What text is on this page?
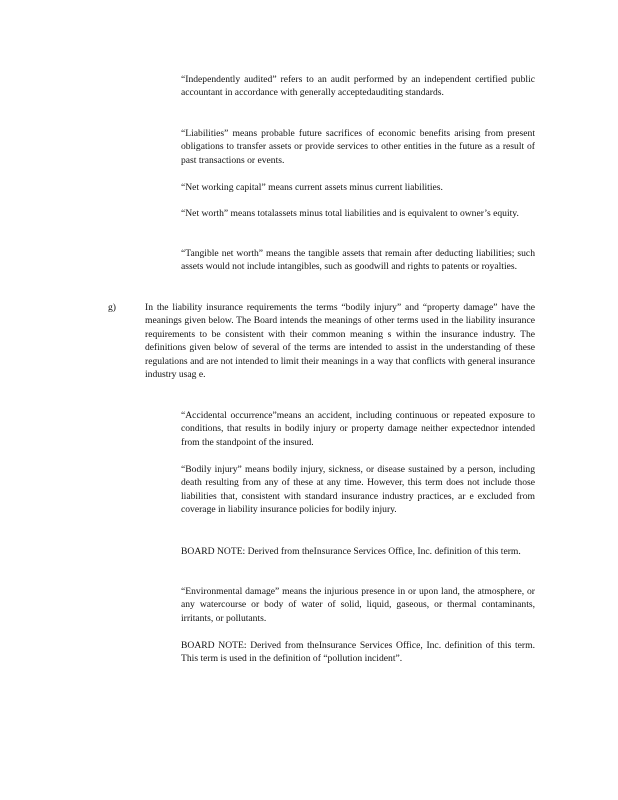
“Independently audited” refers to an audit performed by an independent certified public accountant in accordance with generally acceptedauditing standards.

“Liabilities” means probable future sacrifices of economic benefits arising from present obligations to transfer assets or provide services to other entities in the future as a result of past transactions or events.

“Net working capital” means current assets minus current liabilities.

“Net worth” means totalassets minus total liabilities and is equivalent to owner’s equity.

“Tangible net worth” means the tangible assets that remain after deducting liabilities; such assets would not include intangibles, such as goodwill and rights to patents or royalties.

g)	In the liability insurance requirements the terms “bodily injury” and “property damage” have the meanings given below. The Board intends the meanings of other terms used in the liability insurance requirements to be consistent with their common meaning s within the insurance industry. The definitions given below of several of the terms are intended to assist in the understanding of these regulations and are not intended to limit their meanings in a way that conflicts with general insurance industry usag e.

“Accidental occurrence”means an accident, including continuous or repeated exposure to conditions, that results in bodily injury or property damage neither expectednor intended from the standpoint of the insured.

“Bodily injury” means bodily injury, sickness, or disease sustained by a person, including death resulting from any of these at any time. However, this term does not include those liabilities that, consistent with standard insurance industry practices, ar e excluded from coverage in liability insurance policies for bodily injury.

BOARD NOTE: Derived from theInsurance Services Office, Inc. definition of this term.

“Environmental damage” means the injurious presence in or upon land, the atmosphere, or any watercourse or body of water of solid, liquid, gaseous, or thermal contaminants, irritants, or pollutants.

BOARD NOTE: Derived from theInsurance Services Office, Inc. definition of this term. This term is used in the definition of “pollution incident”.
